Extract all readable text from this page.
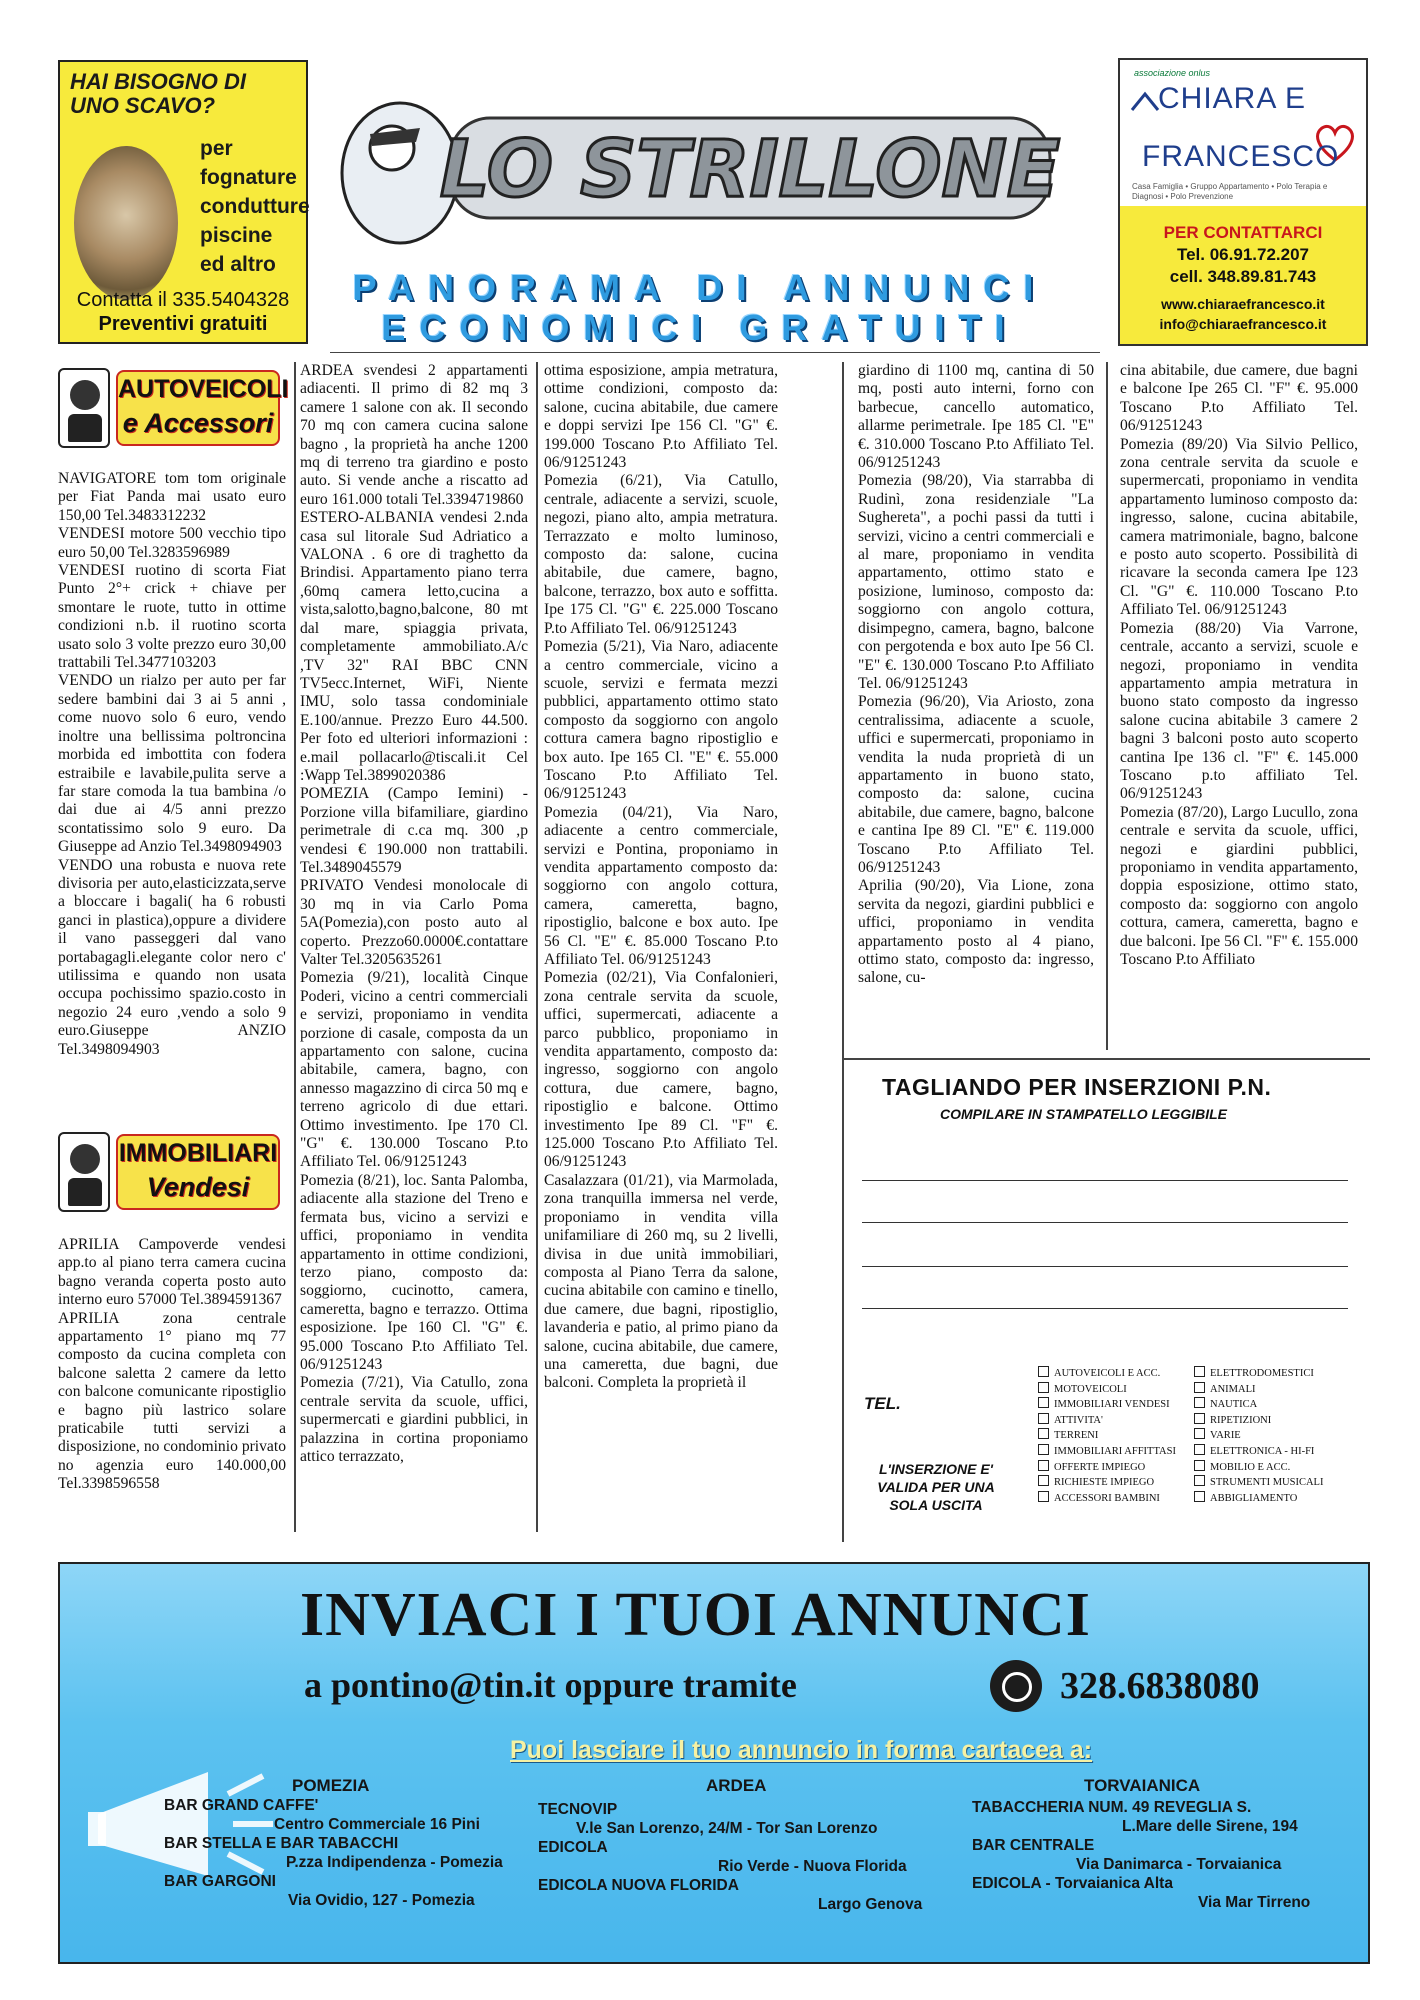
HAI BISOGNO DI UNO SCAVO?
per
fognature
condutture
piscine
ed altro
Contatta il 335.5404328
Preventivi gratuiti
LO STRILLONE
PANORAMA DI ANNUNCI
ECONOMICI GRATUITI
associazione onlus
CHIARA E
FRANCESCO
Casa Famiglia • Gruppo Appartamento • Polo Terapia e Diagnosi • Polo Prevenzione
PER CONTATTARCI
Tel. 06.91.72.207
cell. 348.89.81.743
www.chiaraefrancesco.it
info@chiaraefrancesco.it
AUTOVEICOLI
e Accessori

NAVIGATORE tom tom originale per Fiat Panda mai usato euro 150,00 Tel.3483312232

VENDESI motore 500 vecchio tipo euro 50,00 Tel.3283596989

VENDESI ruotino di scorta Fiat Punto 2°+ crick + chiave per smontare le ruote, tutto in ottime condizioni n.b. il ruotino scorta usato solo 3 volte prezzo euro 30,00 trattabili Tel.3477103203

VENDO un rialzo per auto per far sedere bambini dai 3 ai 5 anni , come nuovo solo 6 euro, vendo inoltre una bellissima poltroncina morbida ed imbottita con fodera estraibile e lavabile,pulita serve a far stare comoda la tua bambina /o dai due ai 4/5 anni prezzo scontatissimo solo 9 euro. Da Giuseppe ad Anzio Tel.3498094903

VENDO una robusta e nuova rete divisoria per auto,elasticizzata,serve a bloccare i bagali( ha 6 robusti ganci in plastica),oppure a dividere il vano passeggeri dal vano portabagagli.elegante color nero c' utilissima e quando non usata occupa pochissimo spazio.costo in negozio 24 euro ,vendo a solo 9 euro.Giuseppe ANZIO Tel.3498094903

IMMOBILIARI
Vendesi

APRILIA Campoverde vendesi app.to al piano terra camera cucina bagno veranda coperta posto auto interno euro 57000 Tel.3894591367

APRILIA zona centrale appartamento 1° piano mq 77 composto da cucina completa con balcone saletta 2 camere da letto con balcone comunicante ripostiglio e bagno più lastrico solare praticabile tutti servizi a disposizione, no condominio privato no agenzia euro 140.000,00 Tel.3398596558

ARDEA svendesi 2 appartamenti adiacenti. Il primo di 82 mq 3 camere 1 salone con ak. Il secondo 70 mq con camera cucina salone bagno , la proprietà ha anche 1200 mq di terreno tra giardino e posto auto. Si vende anche a riscatto ad euro 161.000 totali Tel.3394719860

ESTERO-ALBANIA vendesi 2.nda casa sul litorale Sud Adriatico a VALONA . 6 ore di traghetto da Brindisi. Appartamento piano terra ,60mq camera letto,cucina a vista,salotto,bagno,balcone, 80 mt dal mare, spiaggia privata, completamente ammobiliato.A/c ,TV 32" RAI BBC CNN TV5ecc.Internet, WiFi, Niente IMU, solo tassa condominiale E.100/annue. Prezzo Euro 44.500. Per foto ed ulteriori informazioni : e.mail pollacarlo@tiscali.it Cel :Wapp Tel.3899020386

POMEZIA (Campo Iemini) - Porzione villa bifamiliare, giardino perimetrale di c.ca mq. 300 ,p vendesi € 190.000 non trattabili. Tel.3489045579

PRIVATO Vendesi monolocale di 30 mq in via Carlo Poma 5A(Pomezia),con posto auto al coperto. Prezzo60.0000€.contattare Valter Tel.3205635261

Pomezia (9/21), località Cinque Poderi, vicino a centri commerciali e servizi, proponiamo in vendita porzione di casale, composta da un appartamento con salone, cucina abitabile, camera, bagno, con annesso magazzino di circa 50 mq e terreno agricolo di due ettari. Ottimo investimento. Ipe 170 Cl. "G" €. 130.000 Toscano P.to Affiliato Tel. 06/91251243

Pomezia (8/21), loc. Santa Palomba, adiacente alla stazione del Treno e fermata bus, vicino a servizi e uffici, proponiamo in vendita appartamento in ottime condizioni, terzo piano, composto da: soggiorno, cucinotto, camera, cameretta, bagno e terrazzo. Ottima esposizione. Ipe 160 Cl. "G" €. 95.000 Toscano P.to Affiliato Tel. 06/91251243

Pomezia (7/21), Via Catullo, zona centrale servita da scuole, uffici, supermercati e giardini pubblici, in palazzina in cortina proponiamo attico terrazzato,

ottima esposizione, ampia metratura, ottime condizioni, composto da: salone, cucina abitabile, due camere e doppi servizi Ipe 156 Cl. "G" €. 199.000 Toscano P.to Affiliato Tel. 06/91251243

Pomezia (6/21), Via Catullo, centrale, adiacente a servizi, scuole, negozi, piano alto, ampia metratura. Terrazzato e molto luminoso, composto da: salone, cucina abitabile, due camere, bagno, balcone, terrazzo, box auto e soffitta. Ipe 175 Cl. "G" €. 225.000 Toscano P.to Affiliato Tel. 06/91251243

Pomezia (5/21), Via Naro, adiacente a centro commerciale, vicino a scuole, servizi e fermata mezzi pubblici, appartamento ottimo stato composto da soggiorno con angolo cottura camera bagno ripostiglio e box auto. Ipe 165 Cl. "E" €. 55.000 Toscano P.to Affiliato Tel. 06/91251243

Pomezia (04/21), Via Naro, adiacente a centro commerciale, servizi e Pontina, proponiamo in vendita appartamento composto da: soggiorno con angolo cottura, camera, cameretta, bagno, ripostiglio, balcone e box auto. Ipe 56 Cl. "E" €. 85.000 Toscano P.to Affiliato Tel. 06/91251243

Pomezia (02/21), Via Confalonieri, zona centrale servita da scuole, uffici, supermercati, adiacente a parco pubblico, proponiamo in vendita appartamento, composto da: ingresso, soggiorno con angolo cottura, due camere, bagno, ripostiglio e balcone. Ottimo investimento Ipe 89 Cl. "F" €. 125.000 Toscano P.to Affiliato Tel. 06/91251243

Casalazzara (01/21), via Marmolada, zona tranquilla immersa nel verde, proponiamo in vendita villa unifamiliare di 260 mq, su 2 livelli, divisa in due unità immobiliari, composta al Piano Terra da salone, cucina abitabile con camino e tinello, due camere, due bagni, ripostiglio, lavanderia e patio, al primo piano da salone, cucina abitabile, due camere, una cameretta, due bagni, due balconi. Completa la proprietà il

giardino di 1100 mq, cantina di 50 mq, posti auto interni, forno con barbecue, cancello automatico, allarme perimetrale. Ipe 185 Cl. "E" €. 310.000 Toscano P.to Affiliato Tel. 06/91251243

Pomezia (98/20), Via starrabba di Rudinì, zona residenziale "La Sughereta", a pochi passi da tutti i servizi, vicino a centri commerciali e al mare, proponiamo in vendita appartamento, ottimo stato e posizione, luminoso, composto da: soggiorno con angolo cottura, disimpegno, camera, bagno, balcone con pergotenda e box auto Ipe 56 Cl. "E" €. 130.000 Toscano P.to Affiliato Tel. 06/91251243

Pomezia (96/20), Via Ariosto, zona centralissima, adiacente a scuole, uffici e supermercati, proponiamo in vendita la nuda proprietà di un appartamento in buono stato, composto da: salone, cucina abitabile, due camere, bagno, balcone e cantina Ipe 89 Cl. "E" €. 119.000 Toscano P.to Affiliato Tel. 06/91251243

Aprilia (90/20), Via Lione, zona servita da negozi, giardini pubblici e uffici, proponiamo in vendita appartamento posto al 4 piano, ottimo stato, composto da: ingresso, salone, cu-

cina abitabile, due camere, due bagni e balcone Ipe 265 Cl. "F" €. 95.000 Toscano P.to Affiliato Tel. 06/91251243

Pomezia (89/20) Via Silvio Pellico, zona centrale servita da scuole e supermercati, proponiamo in vendita appartamento luminoso composto da: ingresso, salone, cucina abitabile, camera matrimoniale, bagno, balcone e posto auto scoperto. Possibilità di ricavare la seconda camera Ipe 123 Cl. "G" €. 110.000 Toscano P.to Affiliato Tel. 06/91251243

Pomezia (88/20) Via Varrone, centrale, accanto a servizi, scuole e negozi, proponiamo in vendita appartamento ampia metratura in buono stato composto da ingresso salone cucina abitabile 3 camere 2 bagni 3 balconi posto auto scoperto cantina Ipe 136 cl. "F" €. 145.000 Toscano p.to affiliato Tel. 06/91251243

Pomezia (87/20), Largo Lucullo, zona centrale e servita da scuole, uffici, negozi e giardini pubblici, proponiamo in vendita appartamento, doppia esposizione, ottimo stato, composto da: soggiorno con angolo cottura, camera, cameretta, bagno e due balconi. Ipe 56 Cl. "F" €. 155.000 Toscano P.to Affiliato

TAGLIANDO PER INSERZIONI P.N.
COMPILARE IN STAMPATELLO LEGGIBILE
TEL.
L'INSERZIONE E' VALIDA PER UNA SOLA USCITA
AUTOVEICOLI E ACC.
MOTOVEICOLI
IMMOBILIARI VENDESI
ATTIVITA'
TERRENI
IMMOBILIARI AFFITTASI
OFFERTE IMPIEGO
RICHIESTE IMPIEGO
ACCESSORI BAMBINI
ELETTRODOMESTICI
ANIMALI
NAUTICA
RIPETIZIONI
VARIE
ELETTRONICA - HI-FI
MOBILIO E ACC.
STRUMENTI MUSICALI
ABBIGLIAMENTO
INVIACI I TUOI ANNUNCI
a pontino@tin.it oppure tramite	328.6838080
Puoi lasciare il tuo annuncio in forma cartacea a:
POMEZIA
BAR GRAND CAFFE'
Centro Commerciale 16 Pini
BAR STELLA E BAR TABACCHI
P.zza Indipendenza - Pomezia
BAR GARGONI
Via Ovidio, 127 - Pomezia
ARDEA
TECNOVIP
V.le San Lorenzo, 24/M - Tor San Lorenzo
EDICOLA
Rio Verde - Nuova Florida
EDICOLA NUOVA FLORIDA
Largo Genova
TORVAIANICA
TABACCHERIA NUM. 49 REVEGLIA S.
L.Mare delle Sirene, 194
BAR CENTRALE
Via Danimarca - Torvaianica
EDICOLA - Torvaianica Alta
Via Mar Tirreno
